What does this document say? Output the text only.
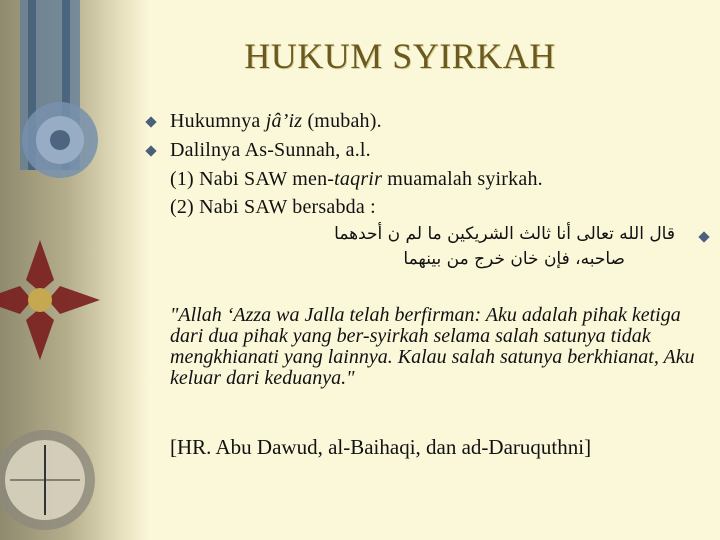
HUKUM SYIRKAH
Hukumnya jâ’iz (mubah).
Dalilnya As-Sunnah, a.l.
(1) Nabi SAW men-taqrir muamalah syirkah.
(2) Nabi SAW bersabda :
قال الله تعالى أنا ثالث الشريكين ما لم ن أحدهما
صاحبه، فإن خان خرج من بينهما
"Allah ‘Azza wa Jalla telah berfirman: Aku adalah pihak ketiga dari dua pihak yang ber-syirkah selama salah satunya tidak mengkhianati yang lainnya. Kalau salah satunya berkhianat, Aku keluar dari keduanya."
[HR. Abu Dawud, al-Baihaqi, dan ad-Daruquthni]
